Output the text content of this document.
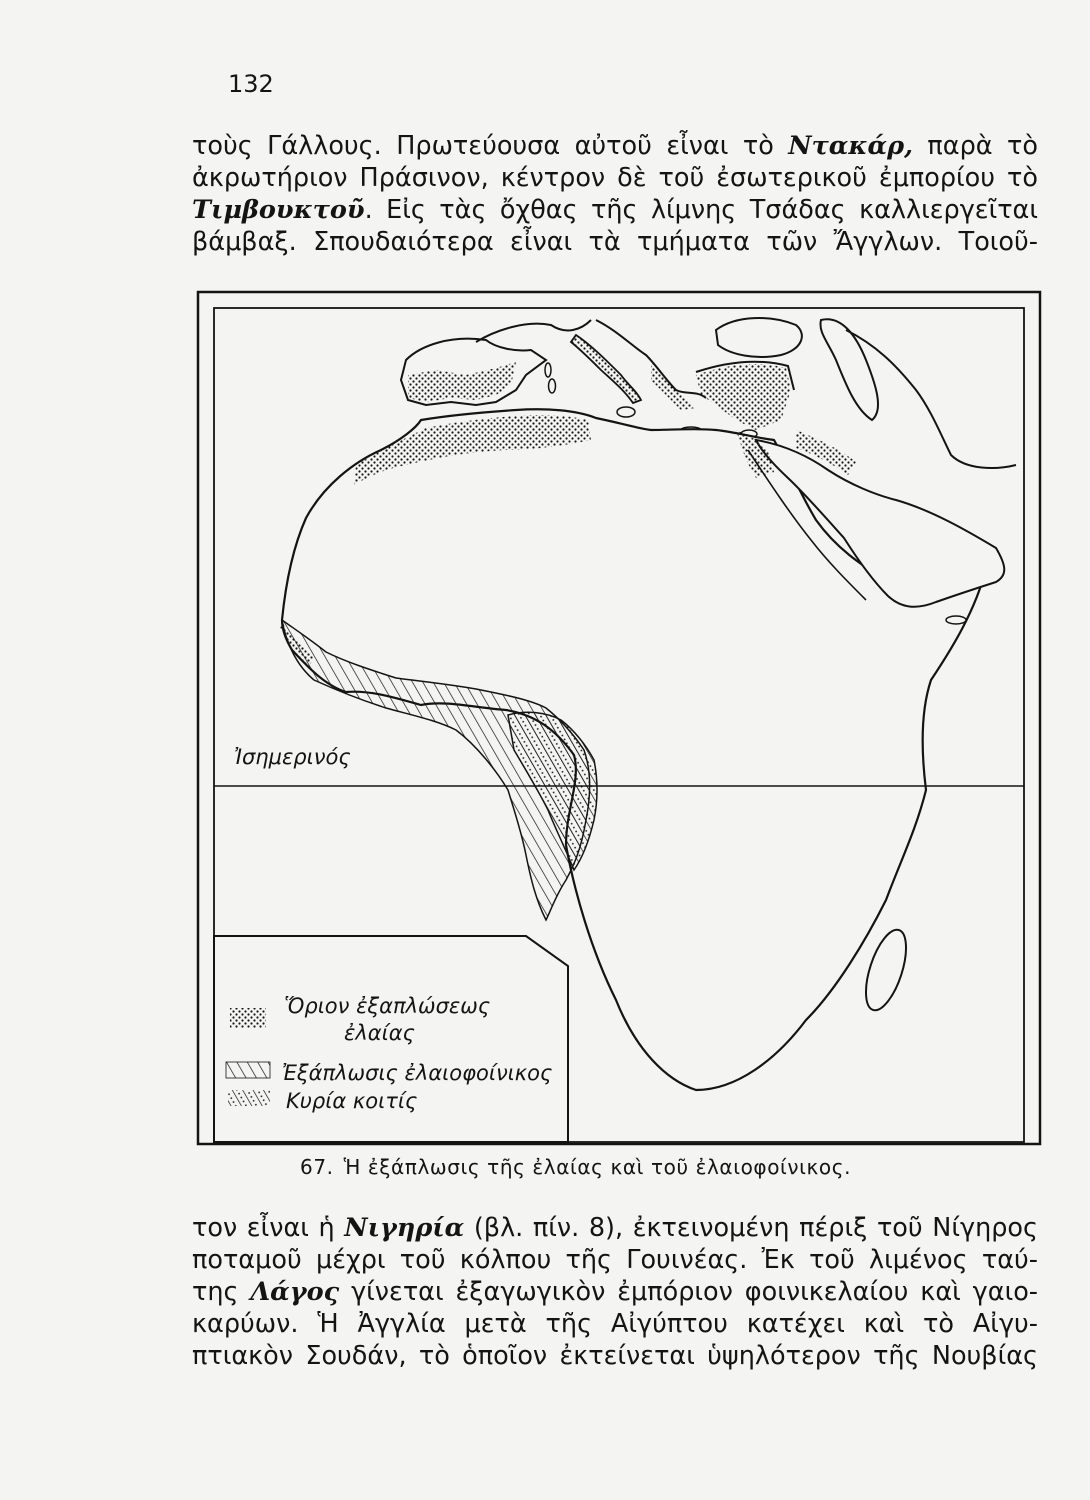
132
τοὺς Γάλλους. Πρωτεύουσα αὐτοῦ εἶναι τὸ Ντακάρ, παρὰ τὸ
ἀκρωτήριον Πράσινον, κέντρον δὲ τοῦ ἐσωτερικοῦ ἐμπορίου τὸ
Τιμβουκτοῦ. Εἰς τὰς ὄχθας τῆς λίμνης Τσάδας καλλιεργεῖται
βάμβαξ. Σπουδαιότερα εἶναι τὰ τμήματα τῶν Ἄγγλων. Τοιοῦ-
Ἰσημερινός
Ὅριον ἐξαπλώσεως
ἐλαίας
Ἐξάπλωσις ἐλαιοφοίνικος
Κυρία κοιτίς
67. Ἡ ἐξάπλωσις τῆς ἐλαίας καὶ τοῦ ἐλαιοφοίνικος.
τον εἶναι ἡ Νιγηρία (βλ. πίν. 8), ἐκτεινομένη πέριξ τοῦ Νίγηρος
ποταμοῦ μέχρι τοῦ κόλπου τῆς Γουινέας. Ἐκ τοῦ λιμένος ταύ-
της Λάγος γίνεται ἐξαγωγικὸν ἐμπόριον φοινικελαίου καὶ γαιο-
καρύων. Ἡ Ἀγγλία μετὰ τῆς Αἰγύπτου κατέχει καὶ τὸ Αἰγυ-
πτιακὸν Σουδάν, τὸ ὁποῖον ἐκτείνεται ὑψηλότερον τῆς Νουβίας
